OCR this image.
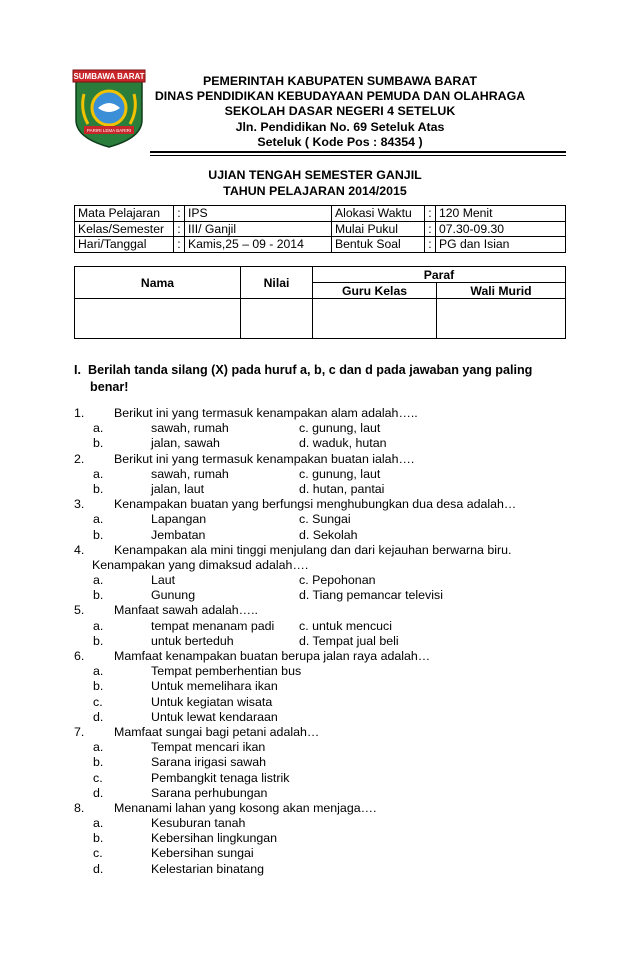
SUMBAWA BARAT
PARIRI LEMA BARIRI
PEMERINTAH KABUPATEN SUMBAWA BARAT
DINAS PENDIDIKAN KEBUDAYAAN PEMUDA DAN OLAHRAGA
SEKOLAH DASAR NEGERI 4 SETELUK
Jln. Pendidikan No. 69 Seteluk Atas
Seteluk ( Kode Pos : 84354 )
UJIAN TENGAH SEMESTER GANJIL
TAHUN PELAJARAN 2014/2015
Mata Pelajaran	:	IPS	Alokasi Waktu	:	120 Menit
Kelas/Semester	:	III/ Ganjil	Mulai Pukul	:	07.30-09.30
Hari/Tanggal	:	Kamis,25 – 09 - 2014	Bentuk Soal	:	PG dan Isian
Nama	Nilai	Paraf	
		Guru Kelas	Wali Murid

I. Berilah tanda silang (X) pada huruf a, b, c dan d pada jawaban yang paling
benar!
1. Berikut ini yang termasuk kenampakan alam adalah…..
a.	sawah, rumah	c. gunung, laut
b.	jalan, sawah	d. waduk, hutan
2. Berikut ini yang termasuk kenampakan buatan ialah….
a.	sawah, rumah	c. gunung, laut
b.	jalan, laut	d. hutan, pantai
3. Kenampakan buatan yang berfungsi menghubungkan dua desa adalah…
a.	Lapangan	c. Sungai
b.	Jembatan	d. Sekolah
4. Kenampakan ala mini tinggi menjulang dan dari kejauhan berwarna biru.
Kenampakan yang dimaksud adalah….
a.	Laut	c. Pepohonan
b.	Gunung	d. Tiang pemancar televisi
5. Manfaat sawah adalah…..
a.	tempat menanam padi c. untuk mencuci
b.	untuk berteduh	d. Tempat jual beli
6. Mamfaat kenampakan buatan berupa jalan raya adalah…
a.	Tempat pemberhentian bus
b.	Untuk memelihara ikan
c.	Untuk kegiatan wisata
d.	Untuk lewat kendaraan
7. Mamfaat sungai bagi petani adalah…
a.	Tempat mencari ikan
b.	Sarana irigasi sawah
c.	Pembangkit tenaga listrik
d.	Sarana perhubungan
8. Menanami lahan yang kosong akan menjaga….
a.	Kesuburan tanah
b.	Kebersihan lingkungan
c.	Kebersihan sungai
d.	Kelestarian binatang
